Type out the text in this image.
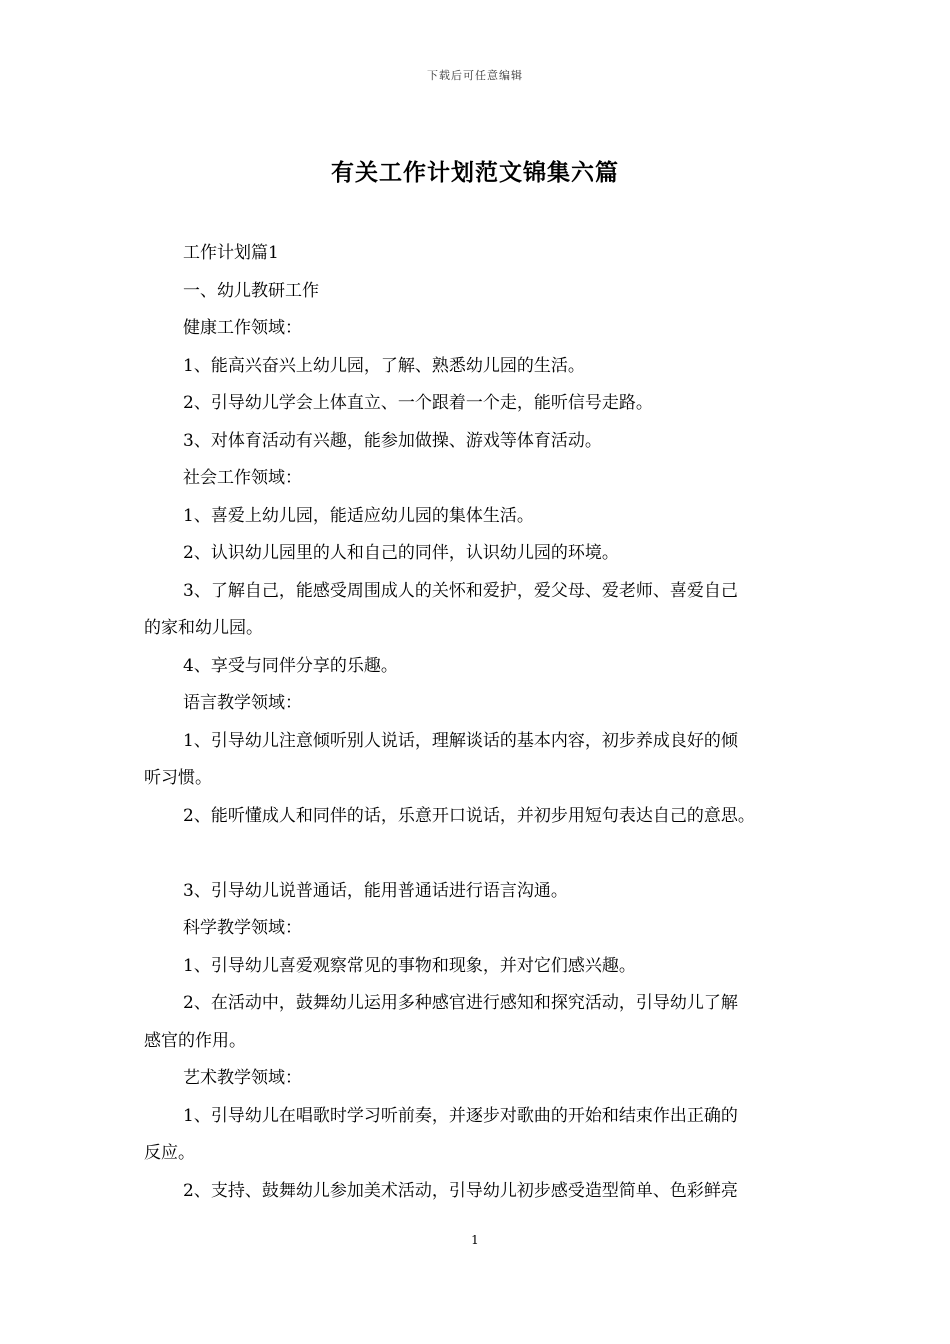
下载后可任意编辑
有关工作计划范文锦集六篇

工作计划篇1

一、幼儿教研工作

健康工作领域：

1、能高兴奋兴上幼儿园，了解、熟悉幼儿园的生活。

2、引导幼儿学会上体直立、一个跟着一个走，能听信号走路。

3、对体育活动有兴趣，能参加做操、游戏等体育活动。

社会工作领域：

1、喜爱上幼儿园，能适应幼儿园的集体生活。

2、认识幼儿园里的人和自己的同伴，认识幼儿园的环境。

3、了解自己，能感受周围成人的关怀和爱护，爱父母、爱老师、喜爱自己

的家和幼儿园。

4、享受与同伴分享的乐趣。

语言教学领域：

1、引导幼儿注意倾听别人说话，理解谈话的基本内容，初步养成良好的倾

听习惯。

2、能听懂成人和同伴的话，乐意开口说话，并初步用短句表达自己的意思。

3、引导幼儿说普通话，能用普通话进行语言沟通。

科学教学领域：

1、引导幼儿喜爱观察常见的事物和现象，并对它们感兴趣。

2、在活动中，鼓舞幼儿运用多种感官进行感知和探究活动，引导幼儿了解

感官的作用。

艺术教学领域：

1、引导幼儿在唱歌时学习听前奏，并逐步对歌曲的开始和结束作出正确的

反应。

2、支持、鼓舞幼儿参加美术活动，引导幼儿初步感受造型简单、色彩鲜亮

1
